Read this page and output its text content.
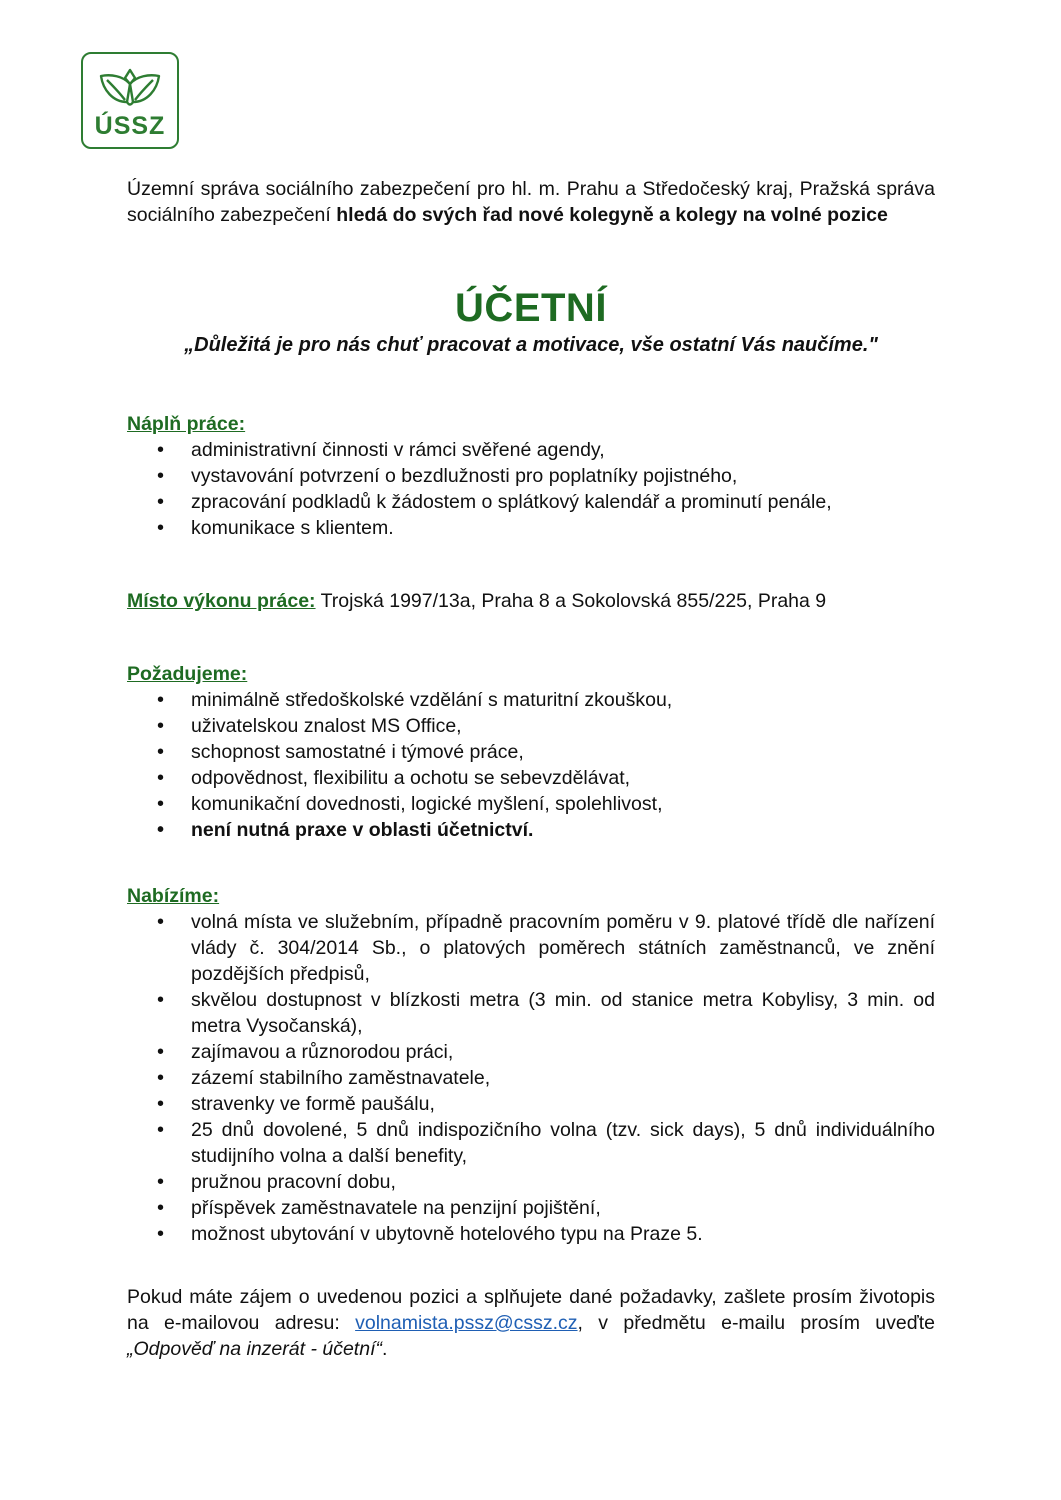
ÚSSZ

Územní správa sociálního zabezpečení pro hl. m. Prahu a Středočeský kraj, Pražská správa sociálního zabezpečení hledá do svých řad nové kolegyně a kolegy na volné pozice

ÚČETNÍ
„Důležitá je pro nás chuť pracovat a motivace, vše ostatní Vás naučíme."
Náplň práce:
• administrativní činnosti v rámci svěřené agendy,
• vystavování potvrzení o bezdlužnosti pro poplatníky pojistného,
• zpracování podkladů k žádostem o splátkový kalendář a prominutí penále,
• komunikace s klientem.
Místo výkonu práce: Trojská 1997/13a, Praha 8 a Sokolovská 855/225, Praha 9
Požadujeme:
• minimálně středoškolské vzdělání s maturitní zkouškou,
• uživatelskou znalost MS Office,
• schopnost samostatné i týmové práce,
• odpovědnost, flexibilitu a ochotu se sebevzdělávat,
• komunikační dovednosti, logické myšlení, spolehlivost,
• není nutná praxe v oblasti účetnictví.
Nabízíme:
• volná místa ve služebním, případně pracovním poměru v 9. platové třídě dle nařízení vlády č. 304/2014 Sb., o platových poměrech státních zaměstnanců, ve znění pozdějších předpisů,
• skvělou dostupnost v blízkosti metra (3 min. od stanice metra Kobylisy, 3 min. od metra Vysočanská),
• zajímavou a různorodou práci,
• zázemí stabilního zaměstnavatele,
• stravenky ve formě paušálu,
• 25 dnů dovolené, 5 dnů indispozičního volna (tzv. sick days), 5 dnů individuálního studijního volna a další benefity,
• pružnou pracovní dobu,
• příspěvek zaměstnavatele na penzijní pojištění,
• možnost ubytování v ubytovně hotelového typu na Praze 5.

Pokud máte zájem o uvedenou pozici a splňujete dané požadavky, zašlete prosím životopis na e-mailovou adresu: volnamista.pssz@cssz.cz, v předmětu e-mailu prosím uveďte „Odpověď na inzerát - účetní“.
